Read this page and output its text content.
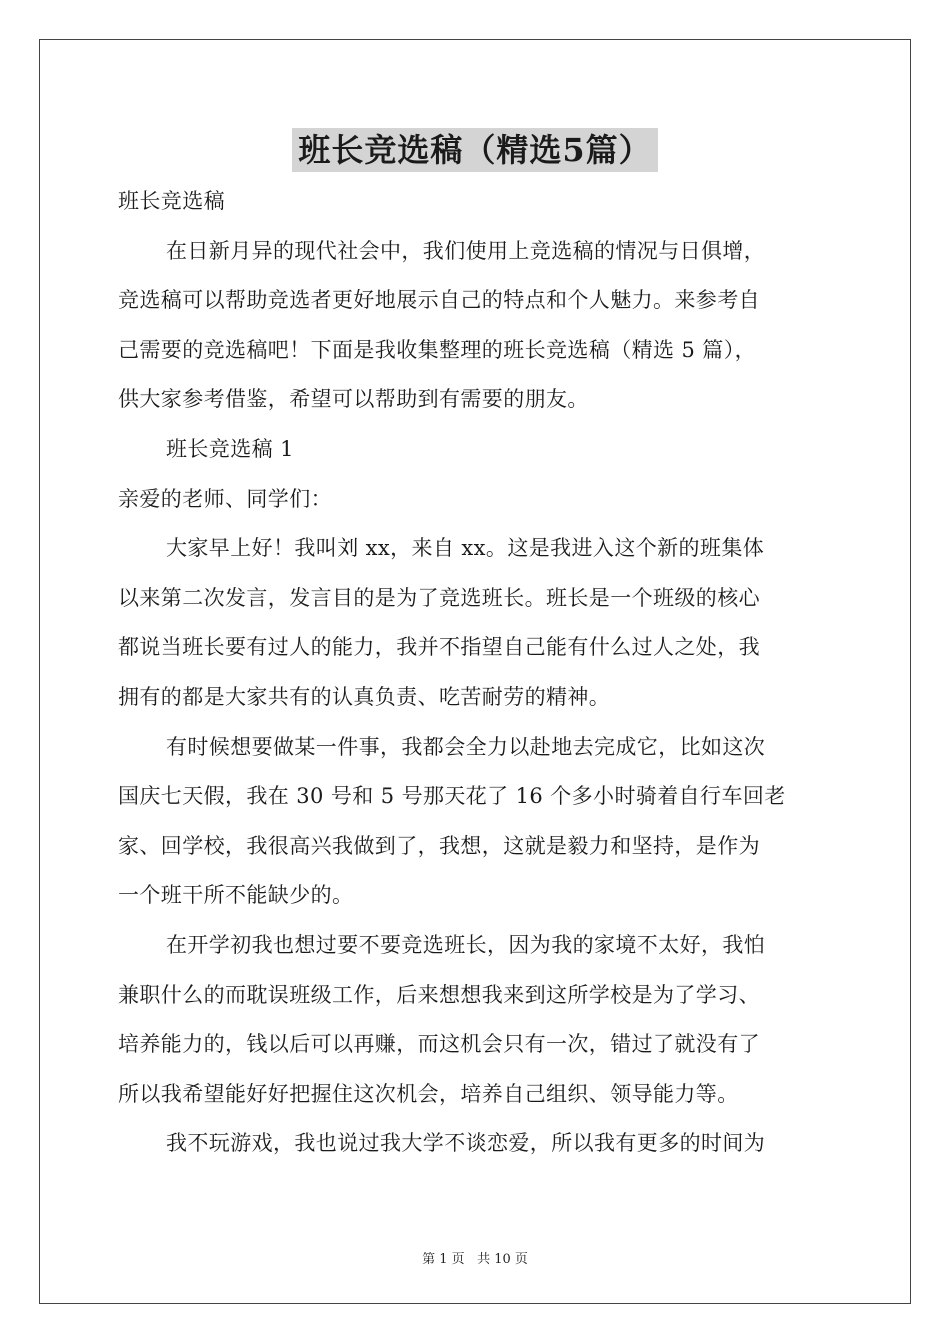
班长竞选稿（精选5篇）
班长竞选稿
在日新月异的现代社会中，我们使用上竞选稿的情况与日俱增，
竞选稿可以帮助竞选者更好地展示自己的特点和个人魅力。来参考自
己需要的竞选稿吧！下面是我收集整理的班长竞选稿（精选 5 篇），
供大家参考借鉴，希望可以帮助到有需要的朋友。
班长竞选稿 1
亲爱的老师、同学们：
大家早上好！我叫刘 xx，来自 xx。这是我进入这个新的班集体
以来第二次发言，发言目的是为了竞选班长。班长是一个班级的核心
都说当班长要有过人的能力，我并不指望自己能有什么过人之处，我
拥有的都是大家共有的认真负责、吃苦耐劳的精神。
有时候想要做某一件事，我都会全力以赴地去完成它，比如这次
国庆七天假，我在 30 号和 5 号那天花了 16 个多小时骑着自行车回老
家、回学校，我很高兴我做到了，我想，这就是毅力和坚持，是作为
一个班干所不能缺少的。
在开学初我也想过要不要竞选班长，因为我的家境不太好，我怕
兼职什么的而耽误班级工作，后来想想我来到这所学校是为了学习、
培养能力的，钱以后可以再赚，而这机会只有一次，错过了就没有了
所以我希望能好好把握住这次机会，培养自己组织、领导能力等。
我不玩游戏，我也说过我大学不谈恋爱，所以我有更多的时间为
第 1 页 共 10 页
